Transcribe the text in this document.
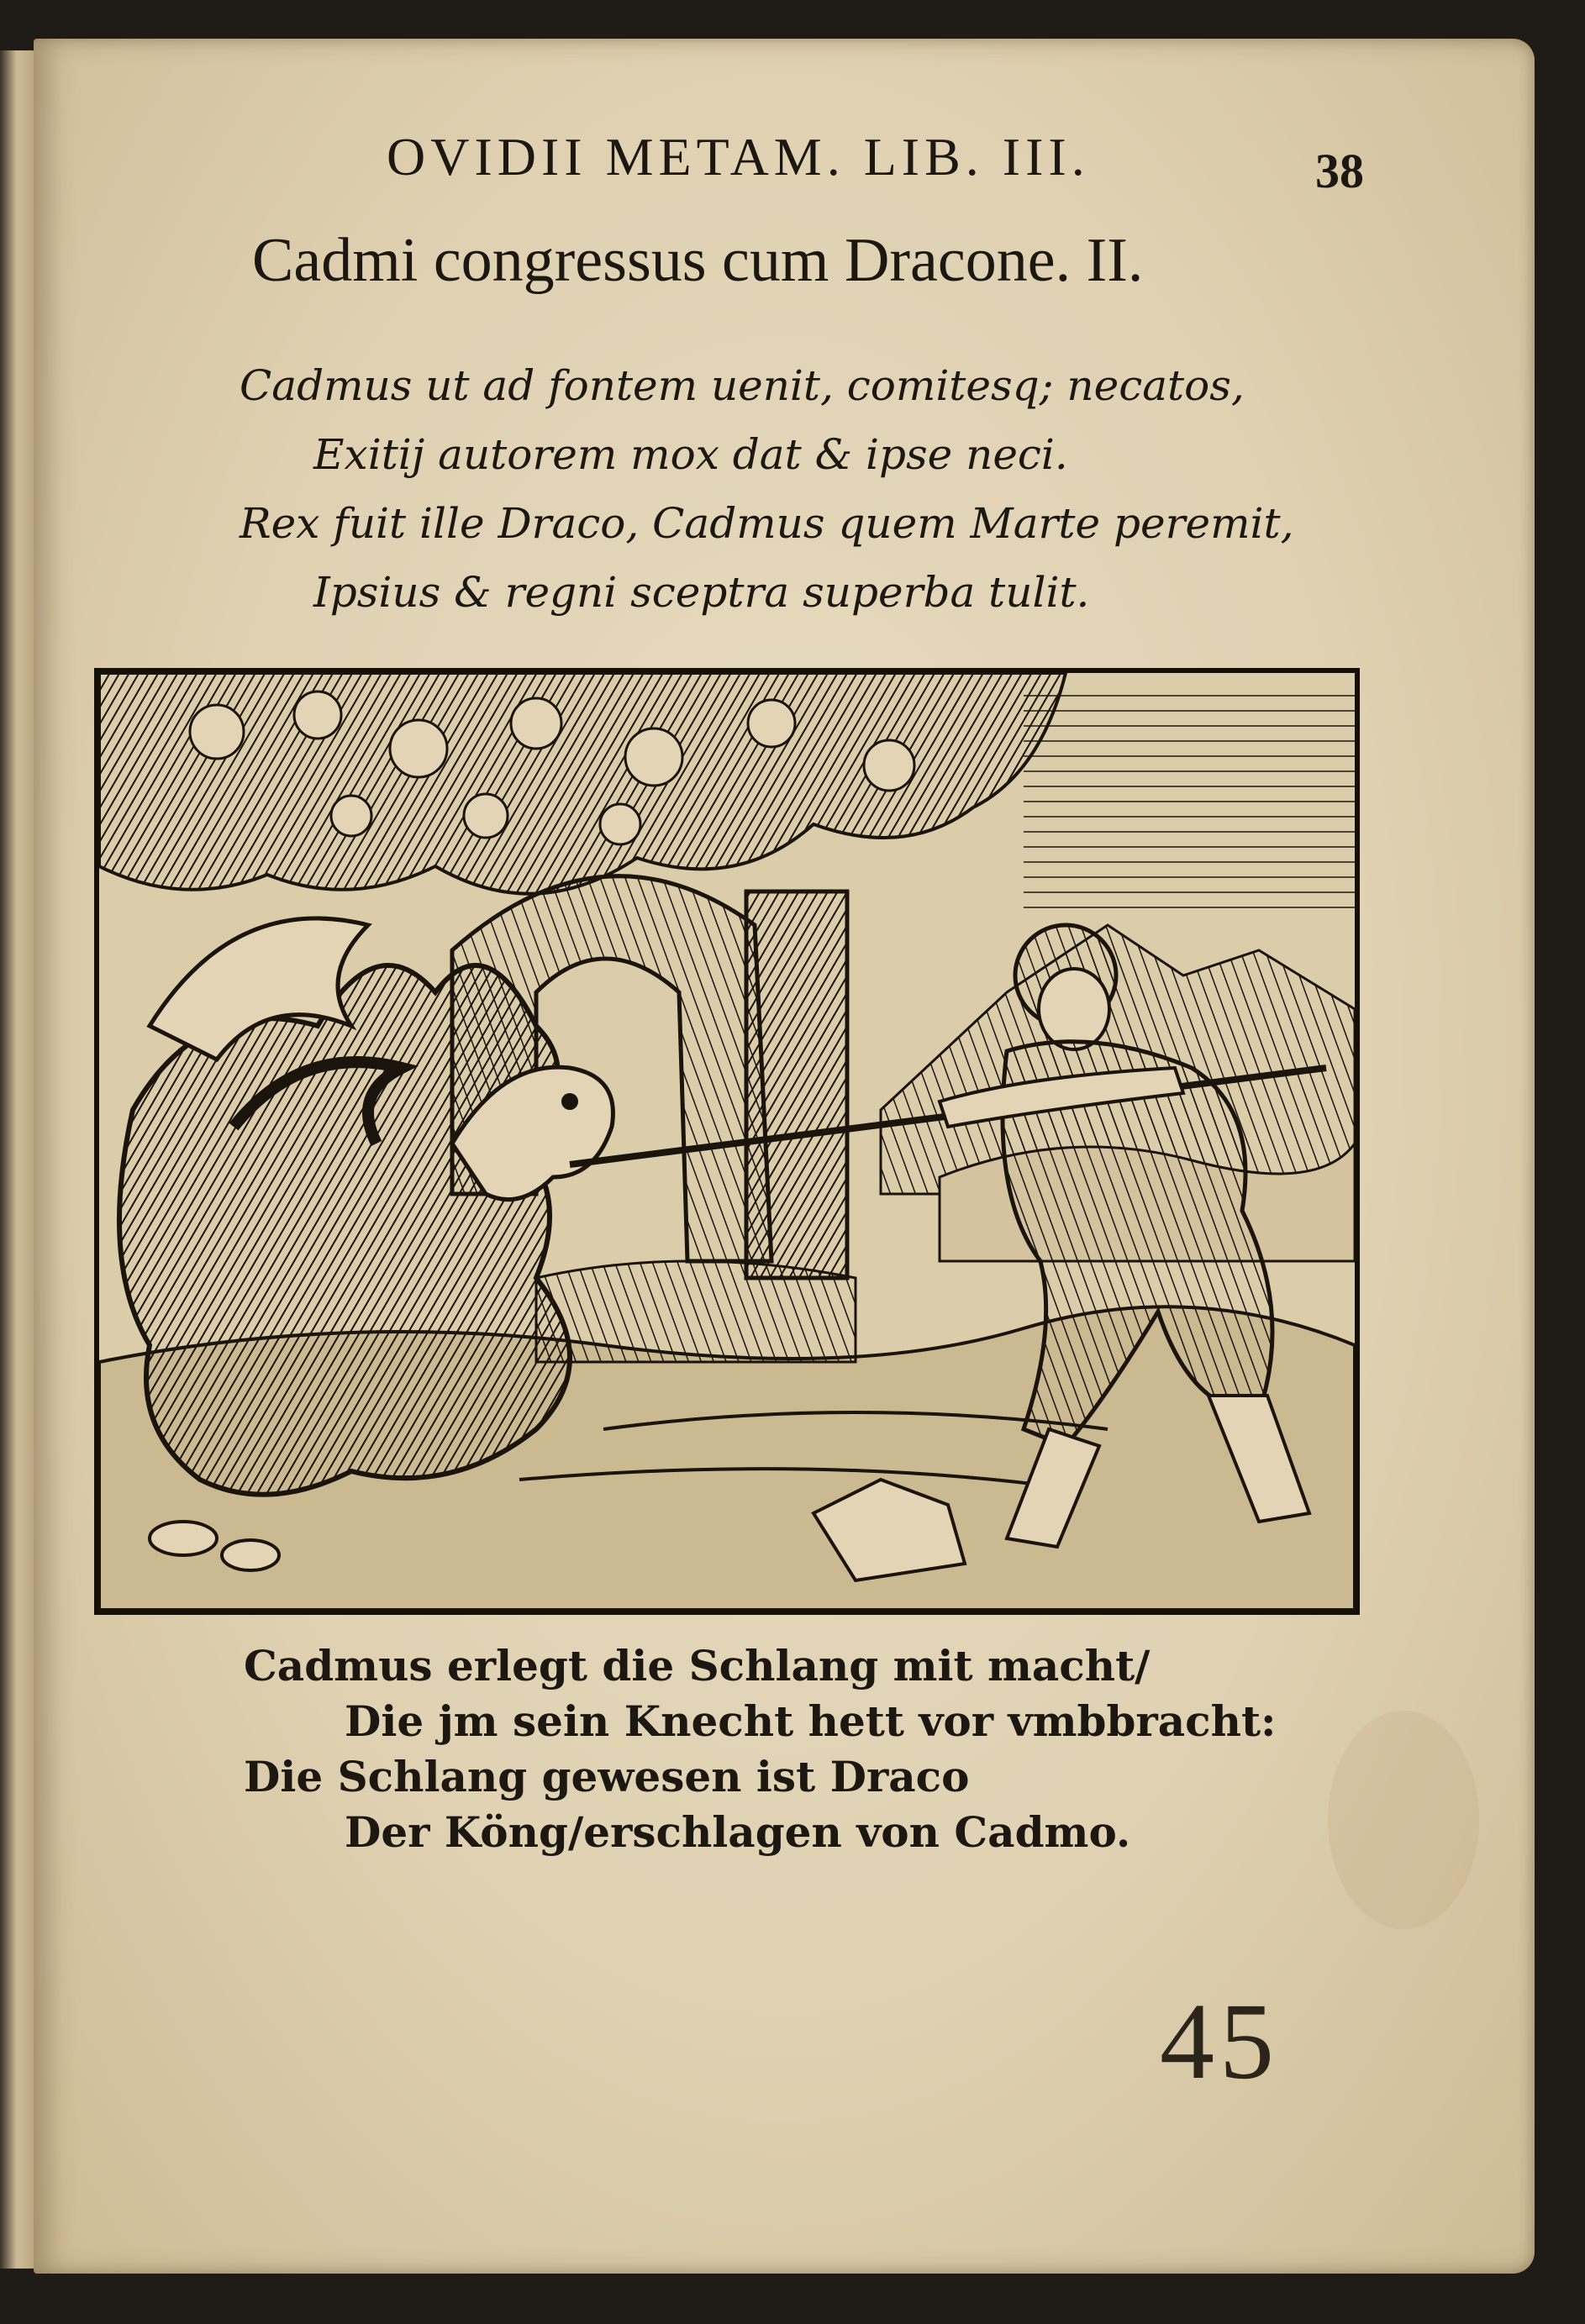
OVIDII METAM. LIB. III.	38
Cadmi congressus cum Dracone. II.
Cadmus ut ad fontem uenit, comitesq; necatos,
Exitij autorem mox dat & ipse neci.
Rex fuit ille Draco, Cadmus quem Marte peremit,
Ipsius & regni sceptra superba tulit.
Cadmus erlegt die Schlang mit macht/
Die jm sein Knecht hett vor vmbbracht:
Die Schlang gewesen ist Draco
Der Köng/erschlagen von Cadmo.
45
